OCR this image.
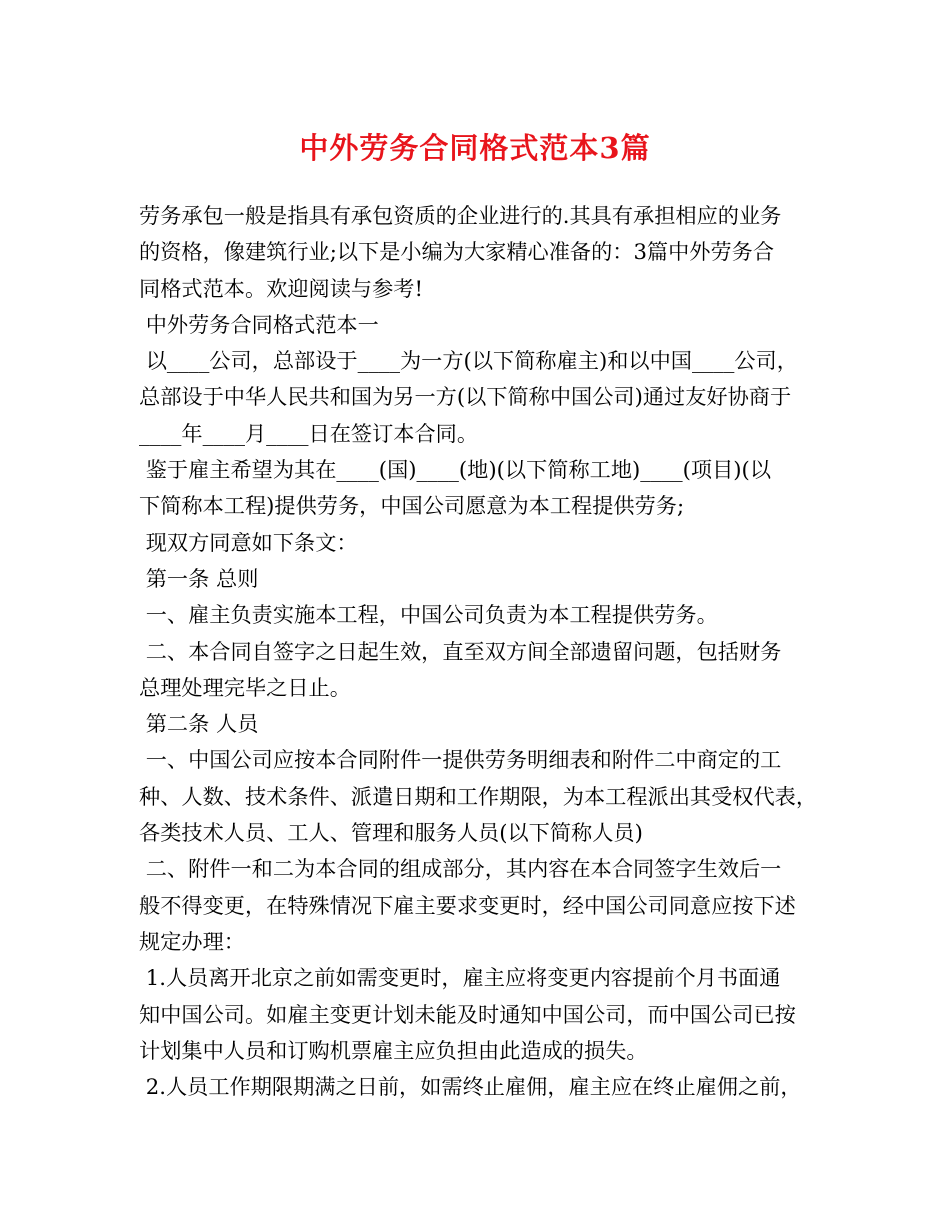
中外劳务合同格式范本3篇
劳务承包一般是指具有承包资质的企业进行的.其具有承担相应的业务
的资格，像建筑行业;以下是小编为大家精心准备的：3篇中外劳务合
同格式范本。欢迎阅读与参考!
中外劳务合同格式范本一
以____公司，总部设于____为一方(以下简称雇主)和以中国____公司，
总部设于中华人民共和国为另一方(以下简称中国公司)通过友好协商于
____年____月____日在签订本合同。
鉴于雇主希望为其在____(国)____(地)(以下简称工地)____(项目)(以
下简称本工程)提供劳务，中国公司愿意为本工程提供劳务;
现双方同意如下条文：
第一条 总则
一、雇主负责实施本工程，中国公司负责为本工程提供劳务。
二、本合同自签字之日起生效，直至双方间全部遗留问题，包括财务
总理处理完毕之日止。
第二条 人员
一、中国公司应按本合同附件一提供劳务明细表和附件二中商定的工
种、人数、技术条件、派遣日期和工作期限，为本工程派出其受权代表，
各类技术人员、工人、管理和服务人员(以下简称人员)
二、附件一和二为本合同的组成部分，其内容在本合同签字生效后一
般不得变更，在特殊情况下雇主要求变更时，经中国公司同意应按下述
规定办理：
1.人员离开北京之前如需变更时，雇主应将变更内容提前个月书面通
知中国公司。如雇主变更计划未能及时通知中国公司，而中国公司已按
计划集中人员和订购机票雇主应负担由此造成的损失。
2.人员工作期限期满之日前，如需终止雇佣，雇主应在终止雇佣之前，
